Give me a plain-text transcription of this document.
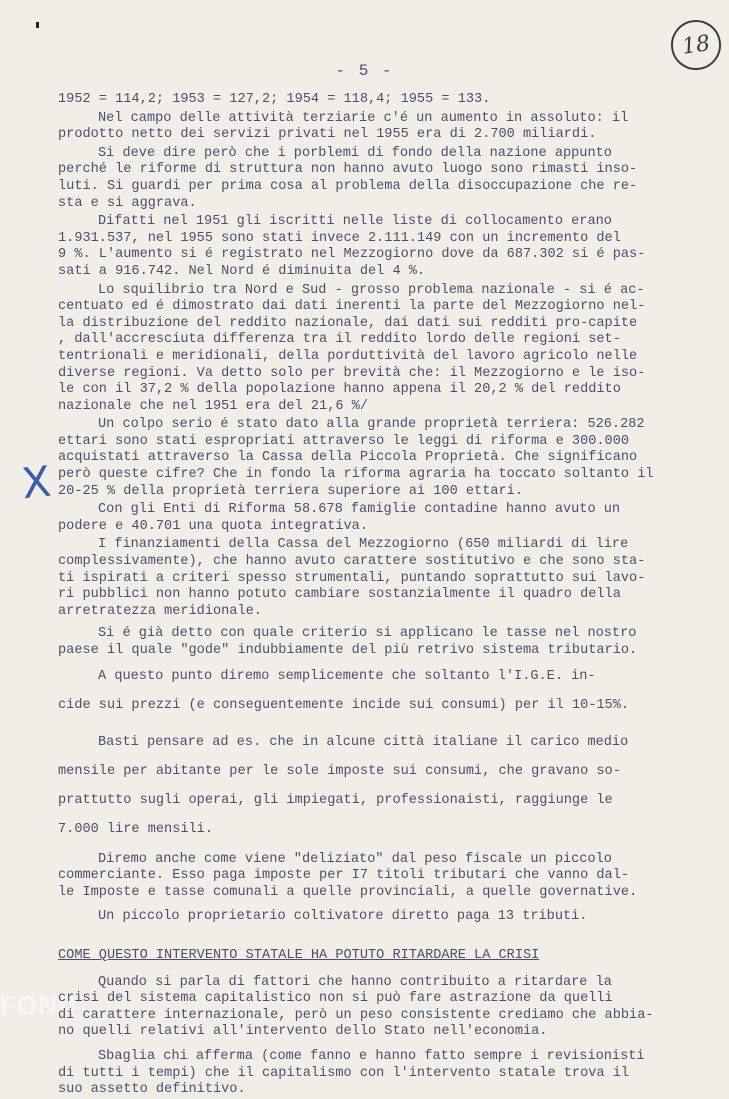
- 5 -
18
X
FOND
1952 = 114,2; 1953 = 127,2; 1954 = 118,4; 1955 = 133.
Nel campo delle attività terziarie c'é un aumento in assoluto: il
prodotto netto dei servizi privati nel 1955 era di 2.700 miliardi.
Si deve dire però che i porblemi di fondo della nazione appunto
perché le riforme di struttura non hanno avuto luogo sono rimasti inso-
luti. Si guardi per prima cosa al problema della disoccupazione che re-
sta e si aggrava.
Difatti nel 1951 gli iscritti nelle liste di collocamento erano
1.931.537, nel 1955 sono stati invece 2.111.149 con un incremento del
9 %. L'aumento si é registrato nel Mezzogiorno dove da 687.302 si é pas-
sati a 916.742. Nel Nord é diminuita del 4 %.
Lo squilibrio tra Nord e Sud - grosso problema nazionale - si é ac-
centuato ed é dimostrato dai dati inerenti la parte del Mezzogiorno nel-
la distribuzione del reddito nazionale, dai dati sui redditi pro-capite
, dall'accresciuta differenza tra il reddito lordo delle regioni set-
tentrionali e meridionali, della porduttività del lavoro agricolo nelle
diverse regioni. Va detto solo per brevità che: il Mezzogiorno e le iso-
le con il 37,2 % della popolazione hanno appena il 20,2 % del reddito
nazionale che nel 1951 era del 21,6 %/
Un colpo serio é stato dato alla grande proprietà terriera: 526.282
ettari sono stati espropriati attraverso le leggi di riforma e 300.000
acquistati attraverso la Cassa della Piccola Proprietà. Che significano
però queste cifre? Che in fondo la riforma agraria ha toccato soltanto il
20-25 % della proprietà terriera superiore ai 100 ettari.
Con gli Enti di Riforma 58.678 famiglie contadine hanno avuto un
podere e 40.701 una quota integrativa.
I finanziamenti della Cassa del Mezzogiorno (650 miliardi di lire
complessivamente), che hanno avuto carattere sostitutivo e che sono sta-
ti ispirati a criteri spesso strumentali, puntando soprattutto sui lavo-
ri pubblici non hanno potuto cambiare sostanzialmente il quadro della
arretratezza meridionale.
Si é già detto con quale criterio si applicano le tasse nel nostro
paese il quale "gode" indubbiamente del più retrivo sistema tributario.
A questo punto diremo semplicemente che soltanto l'I.G.E. in-
cide sui prezzi (e conseguentemente incide sui consumi) per il 10-15%.
Basti pensare ad es. che in alcune città italiane il carico medio
mensile per abitante per le sole imposte sui consumi, che gravano so-
prattutto sugli operai, gli impiegati, professionaisti, raggiunge le
7.000 lire mensili.
Diremo anche come viene "deliziato" dal peso fiscale un piccolo
commerciante. Esso paga imposte per I7 titoli tributari che vanno dal-
le Imposte e tasse comunali a quelle provinciali, a quelle governative.
Un piccolo proprietario coltivatore diretto paga 13 tributi.
COME QUESTO INTERVENTO STATALE HA POTUTO RITARDARE LA CRISI
Quando si parla di fattori che hanno contribuito a ritardare la
crisi del sistema capitalistico non si può fare astrazione da quelli
di carattere internazionale, però un peso consistente crediamo che abbia-
no quelli relativi all'intervento dello Stato nell'economia.
Sbaglia chi afferma (come fanno e hanno fatto sempre i revisionisti
di tutti i tempi) che il capitalismo con l'intervento statale trova il
suo assetto definitivo.
